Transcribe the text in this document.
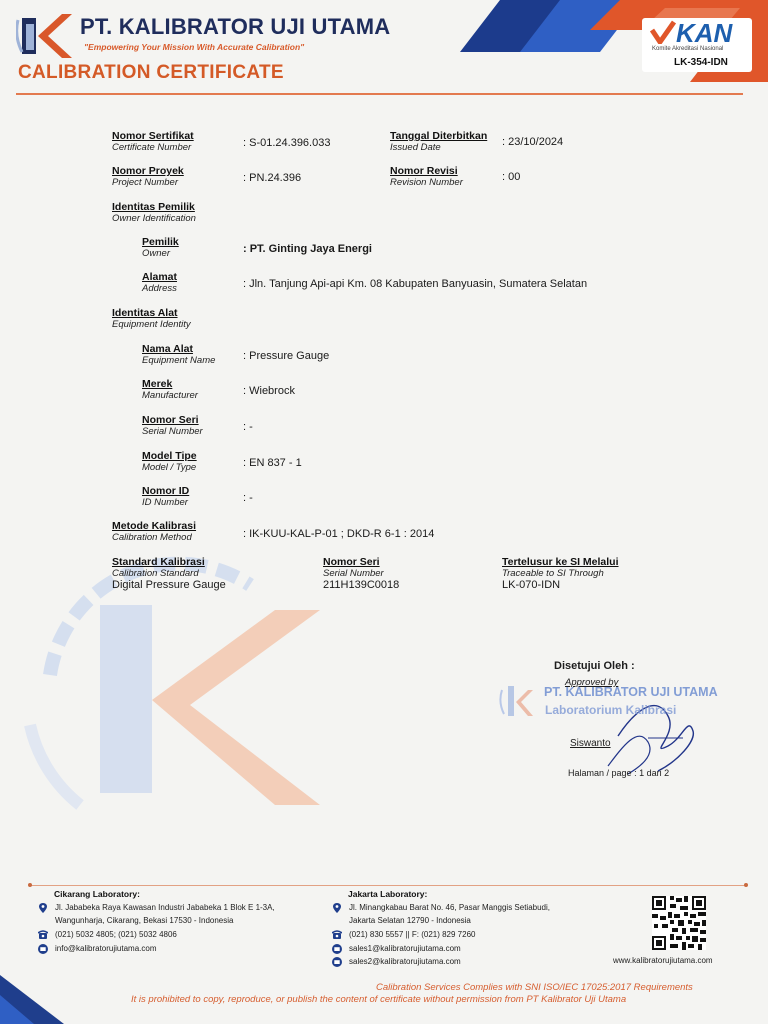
PT. KALIBRATOR UJI UTAMA
"Empowering Your Mission With Accurate Calibration"
CALIBRATION CERTIFICATE
KAN
Komite Akreditasi Nasional
LK-354-IDN
Nomor Sertifikat
Certificate Number	: S-01.24.396.033
Tanggal Diterbitkan
Issued Date	: 23/10/2024
Nomor Proyek
Project Number	: PN.24.396
Nomor Revisi
Revision Number	: 00
Identitas Pemilik
Owner Identification
Pemilik
Owner	: PT. Ginting Jaya Energi
Alamat
Address	: Jln. Tanjung Api-api Km. 08 Kabupaten Banyuasin, Sumatera Selatan
Identitas Alat
Equipment Identity
Nama Alat
Equipment Name	: Pressure Gauge
Merek
Manufacturer	: Wiebrock
Nomor Seri
Serial Number	: -
Model Tipe
Model / Type	: EN 837 - 1
Nomor ID
ID Number	: -
Metode Kalibrasi
Calibration Method	: IK-KUU-KAL-P-01 ; DKD-R 6-1 : 2014
Standard Kalibrasi
Calibration Standard
Digital Pressure Gauge
Nomor Seri
Serial Number
211H139C0018
Tertelusur ke SI Melalui
Traceable to SI Through
LK-070-IDN
Disetujui Oleh :
Approved by
PT. KALIBRATOR UJI UTAMA
Laboratorium Kalibrasi
Siswanto
Halaman / page : 1 dari 2
Cikarang Laboratory:
Jl. Jababeka Raya Kawasan Industri Jababeka 1 Blok E 1-3A,
Wangunharja, Cikarang, Bekasi 17530 - Indonesia
(021) 5032 4805; (021) 5032 4806
info@kalibratorujiutama.com
Jakarta Laboratory:
Jl. Minangkabau Barat No. 46, Pasar Manggis Setiabudi,
Jakarta Selatan 12790 - Indonesia
(021) 830 5557 || F: (021) 829 7260
sales1@kalibratorujiutama.com
sales2@kalibratorujiutama.com	www.kalibratorujiutama.com
Calibration Services Complies with SNI ISO/IEC 17025:2017 Requirements
It is prohibited to copy, reproduce, or publish the content of certificate without permission from PT Kalibrator Uji Utama
